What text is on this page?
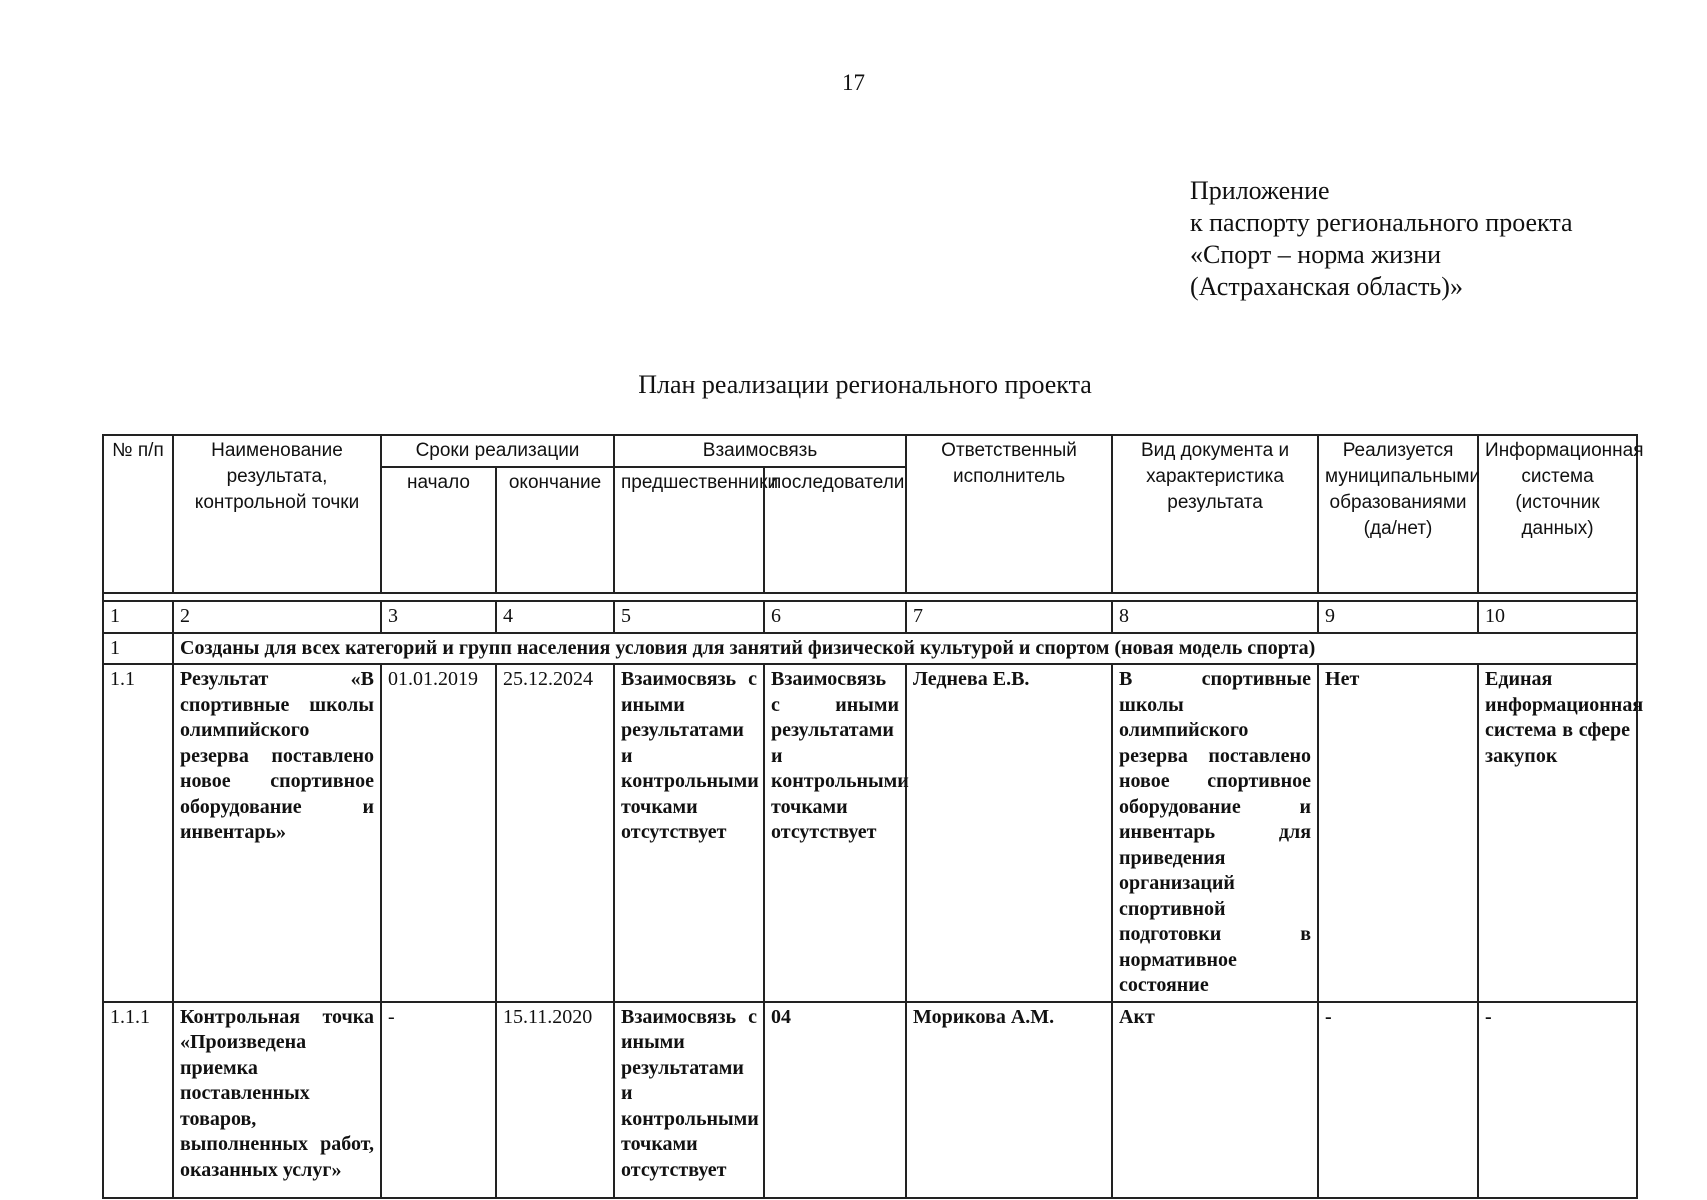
17
Приложение
к паспорту регионального проекта
«Спорт – норма жизни
(Астраханская область)»
План реализации регионального проекта
№ п/п	Наименование результата, контрольной точки	Сроки реализации		Взаимосвязь		Ответственный исполнитель	Вид документа и характеристика результата	Реализуется муниципальными образованиями (да/нет)	Информационная система (источник данных)
		начало	окончание	предшественники	последователи				

1	2	3	4	5	6	7	8	9	10
1	Созданы для всех категорий и групп населения условия для занятий физической культурой и спортом (новая модель спорта)								
1.1	Результат «В спортивные школы олимпийского резерва поставлено новое спортивное оборудование и инвентарь»	01.01.2019	25.12.2024	Взаимосвязь с иными результатами и контрольными точками отсутствует	Взаимосвязь с иными результатами и контрольными точками отсутствует	Леднева Е.В.	В спортивные школы олимпийского резерва поставлено новое спортивное оборудование и инвентарь для приведения организаций спортивной подготовки в нормативное состояние	Нет	Единая информационная система в сфере закупок
1.1.1	Контрольная точка «Произведена приемка поставленных товаров, выполненных работ, оказанных услуг»	-	15.11.2020	Взаимосвязь с иными результатами и контрольными точками отсутствует	04	Морикова А.М.	Акт	-	-
